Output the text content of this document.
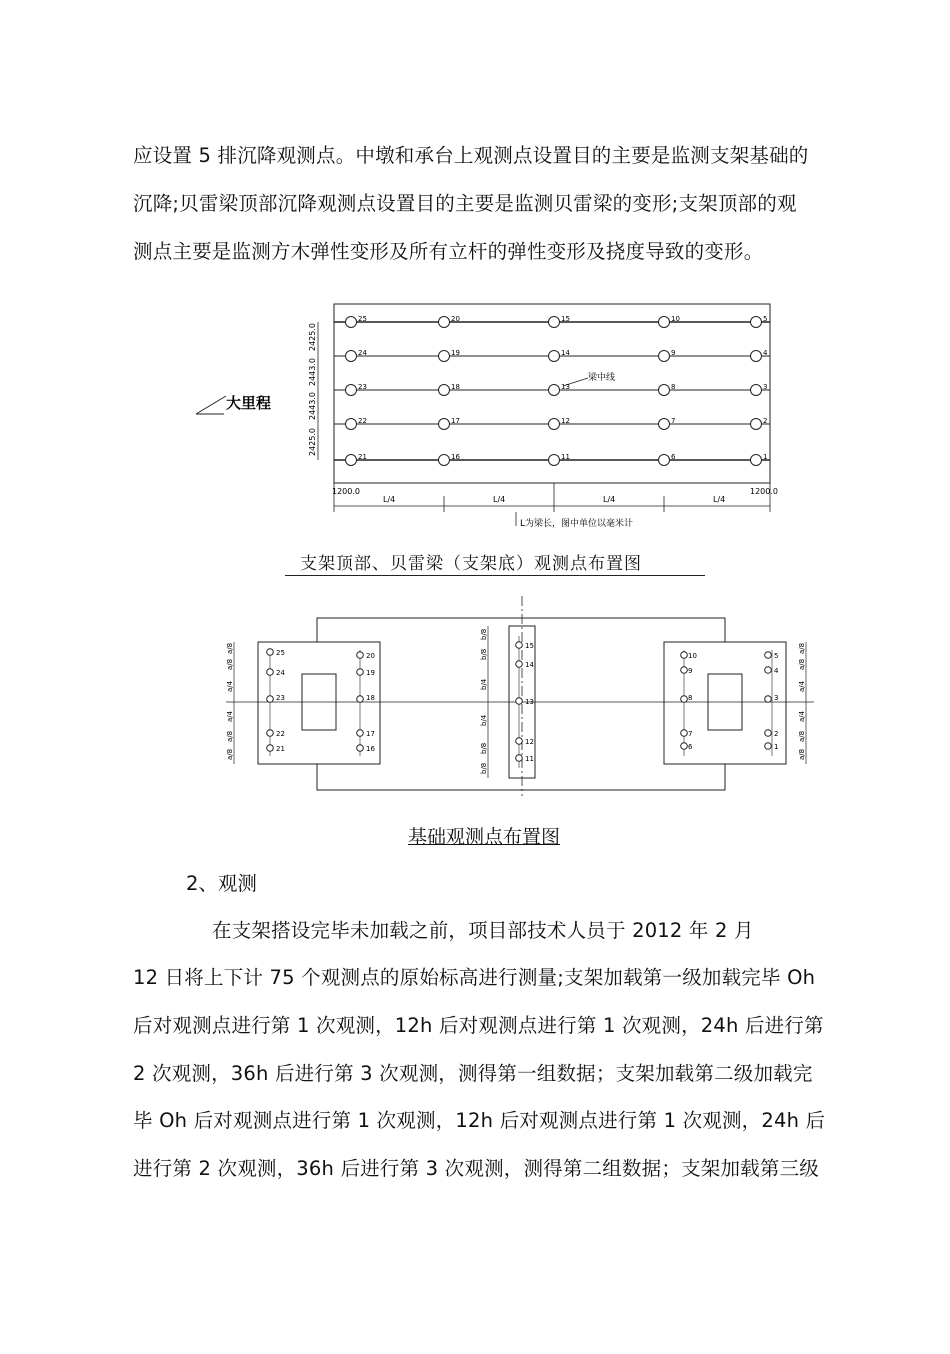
应设置 5 排沉降观测点。中墩和承台上观测点设置目的主要是监测支架基础的
沉降;贝雷梁顶部沉降观测点设置目的主要是监测贝雷梁的变形;支架顶部的观
测点主要是监测方木弹性变形及所有立杆的弹性变形及挠度导致的变形。
2425.0
2443.0
2443.0
2425.0
大里程
梁中线
25	20	15	10	5
24	19	14	9	4
23	18	13	8	3
22	17	12	7	2
21	16	11	6	1
1200.0	1200.0
L/4	L/4	L/4	L/4
L为梁长，图中单位以毫米计
支架顶部、贝雷梁（支架底）观测点布置图
a/8
a/8
a/4
a/4
a/8
a/8
b/8
b/8
b/4
b/4
b/8
b/8
a/8
a/8
a/4
a/4
a/8
a/8
25
24
23
22
21
20
19
18
17
16
15
14
13
12
11
10
9
8
7
6
5
4
3
2
1
基础观测点布置图
2、观测
在支架搭设完毕未加载之前，项目部技术人员于 2012 年 2 月
12 日将上下计 75 个观测点的原始标高进行测量;支架加载第一级加载完毕 Oh
后对观测点进行第 1 次观测，12h 后对观测点进行第 1 次观测，24h 后进行第
2 次观测，36h 后进行第 3 次观测，测得第一组数据；支架加载第二级加载完
毕 Oh 后对观测点进行第 1 次观测，12h 后对观测点进行第 1 次观测，24h 后
进行第 2 次观测，36h 后进行第 3 次观测，测得第二组数据；支架加载第三级
